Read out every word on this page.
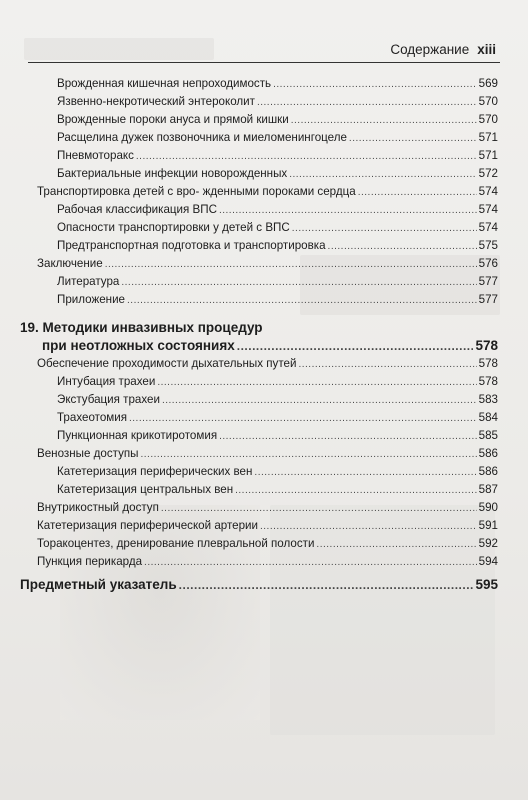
Содержание xiii
Врожденная кишечная непроходимость .....	569
Язвенно-некротический энтероколит .....	570
Врожденные пороки ануса и прямой кишки .....	570
Расщелина дужек позвоночника и миеломенингоцеле .....	571
Пневмоторакс .....	571
Бактериальные инфекции новорожденных .....	572
Транспортировка детей с вро- жденными пороками сердца .....	574
Рабочая классификация ВПС .....	574
Опасности транспортировки у детей с ВПС .....	574
Предтранспортная подготовка и транспортировка .....	575
Заключение .....	576
Литература .....	577
Приложение .....	577
19. Методики инвазивных процедур
при неотложных состояниях .....	578
Обеспечение проходимости дыхательных путей .....	578
Интубация трахеи .....	578
Экстубация трахеи .....	583
Трахеотомия .....	584
Пункционная крикотиротомия .....	585
Венозные доступы .....	586
Катетеризация периферических вен .....	586
Катетеризация центральных вен .....	587
Внутрикостный доступ .....	590
Катетеризация периферической артерии .....	591
Торакоцентез, дренирование плевральной полости .....	592
Пункция перикарда .....	594
Предметный указатель .....	595
